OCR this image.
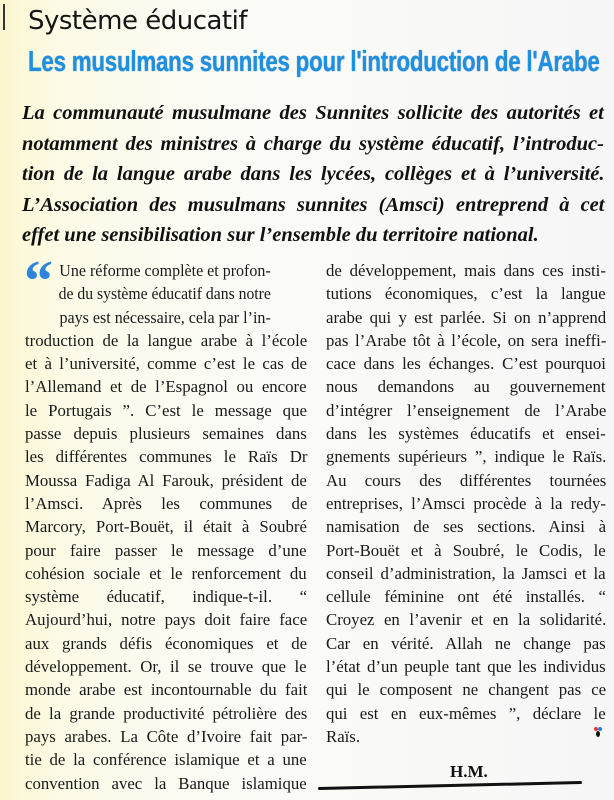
Système éducatif
Les musulmans sunnites pour l'introduction de l'Arabe
La communauté musulmane des Sunnites sollicite des autorités et
notamment des ministres à charge du système éducatif, l’introduc-
tion de la langue arabe dans les lycées, collèges et à l’université.
L’Association des musulmans sunnites (Amsci) entreprend à cet
effet une sensibilisation sur l’ensemble du territoire national.
“ Une réforme complète et profon-
de du système éducatif dans notre
pays est nécessaire, cela par l’in-
troduction de la langue arabe à l’école
et à l’université, comme c’est le cas de
l’Allemand et de l’Espagnol ou encore
le Portugais ”. C’est le message que
passe depuis plusieurs semaines dans
les différentes communes le Raïs Dr
Moussa Fadiga Al Farouk, président de
l’Amsci. Après les communes de
Marcory, Port-Bouët, il était à Soubré
pour faire passer le message d’une
cohésion sociale et le renforcement du
système éducatif, indique-t-il. “
Aujourd’hui, notre pays doit faire face
aux grands défis économiques et de
développement. Or, il se trouve que le
monde arabe est incontournable du fait
de la grande productivité pétrolière des
pays arabes. La Côte d’Ivoire fait par-
tie de la conférence islamique et a une
convention avec la Banque islamique
de développement, mais dans ces insti-
tutions économiques, c’est la langue
arabe qui y est parlée. Si on n’apprend
pas l’Arabe tôt à l’école, on sera ineffi-
cace dans les échanges. C’est pourquoi
nous demandons au gouvernement
d’intégrer l’enseignement de l’Arabe
dans les systèmes éducatifs et ensei-
gnements supérieurs ”, indique le Raïs.
Au cours des différentes tournées
entreprises, l’Amsci procède à la redy-
namisation de ses sections. Ainsi à
Port-Bouët et à Soubré, le Codis, le
conseil d’administration, la Jamsci et la
cellule féminine ont été installés. “
Croyez en l’avenir et en la solidarité.
Car en vérité. Allah ne change pas
l’état d’un peuple tant que les individus
qui le composent ne changent pas ce
qui est en eux-mêmes ”, déclare le
Raïs.
H.M.
